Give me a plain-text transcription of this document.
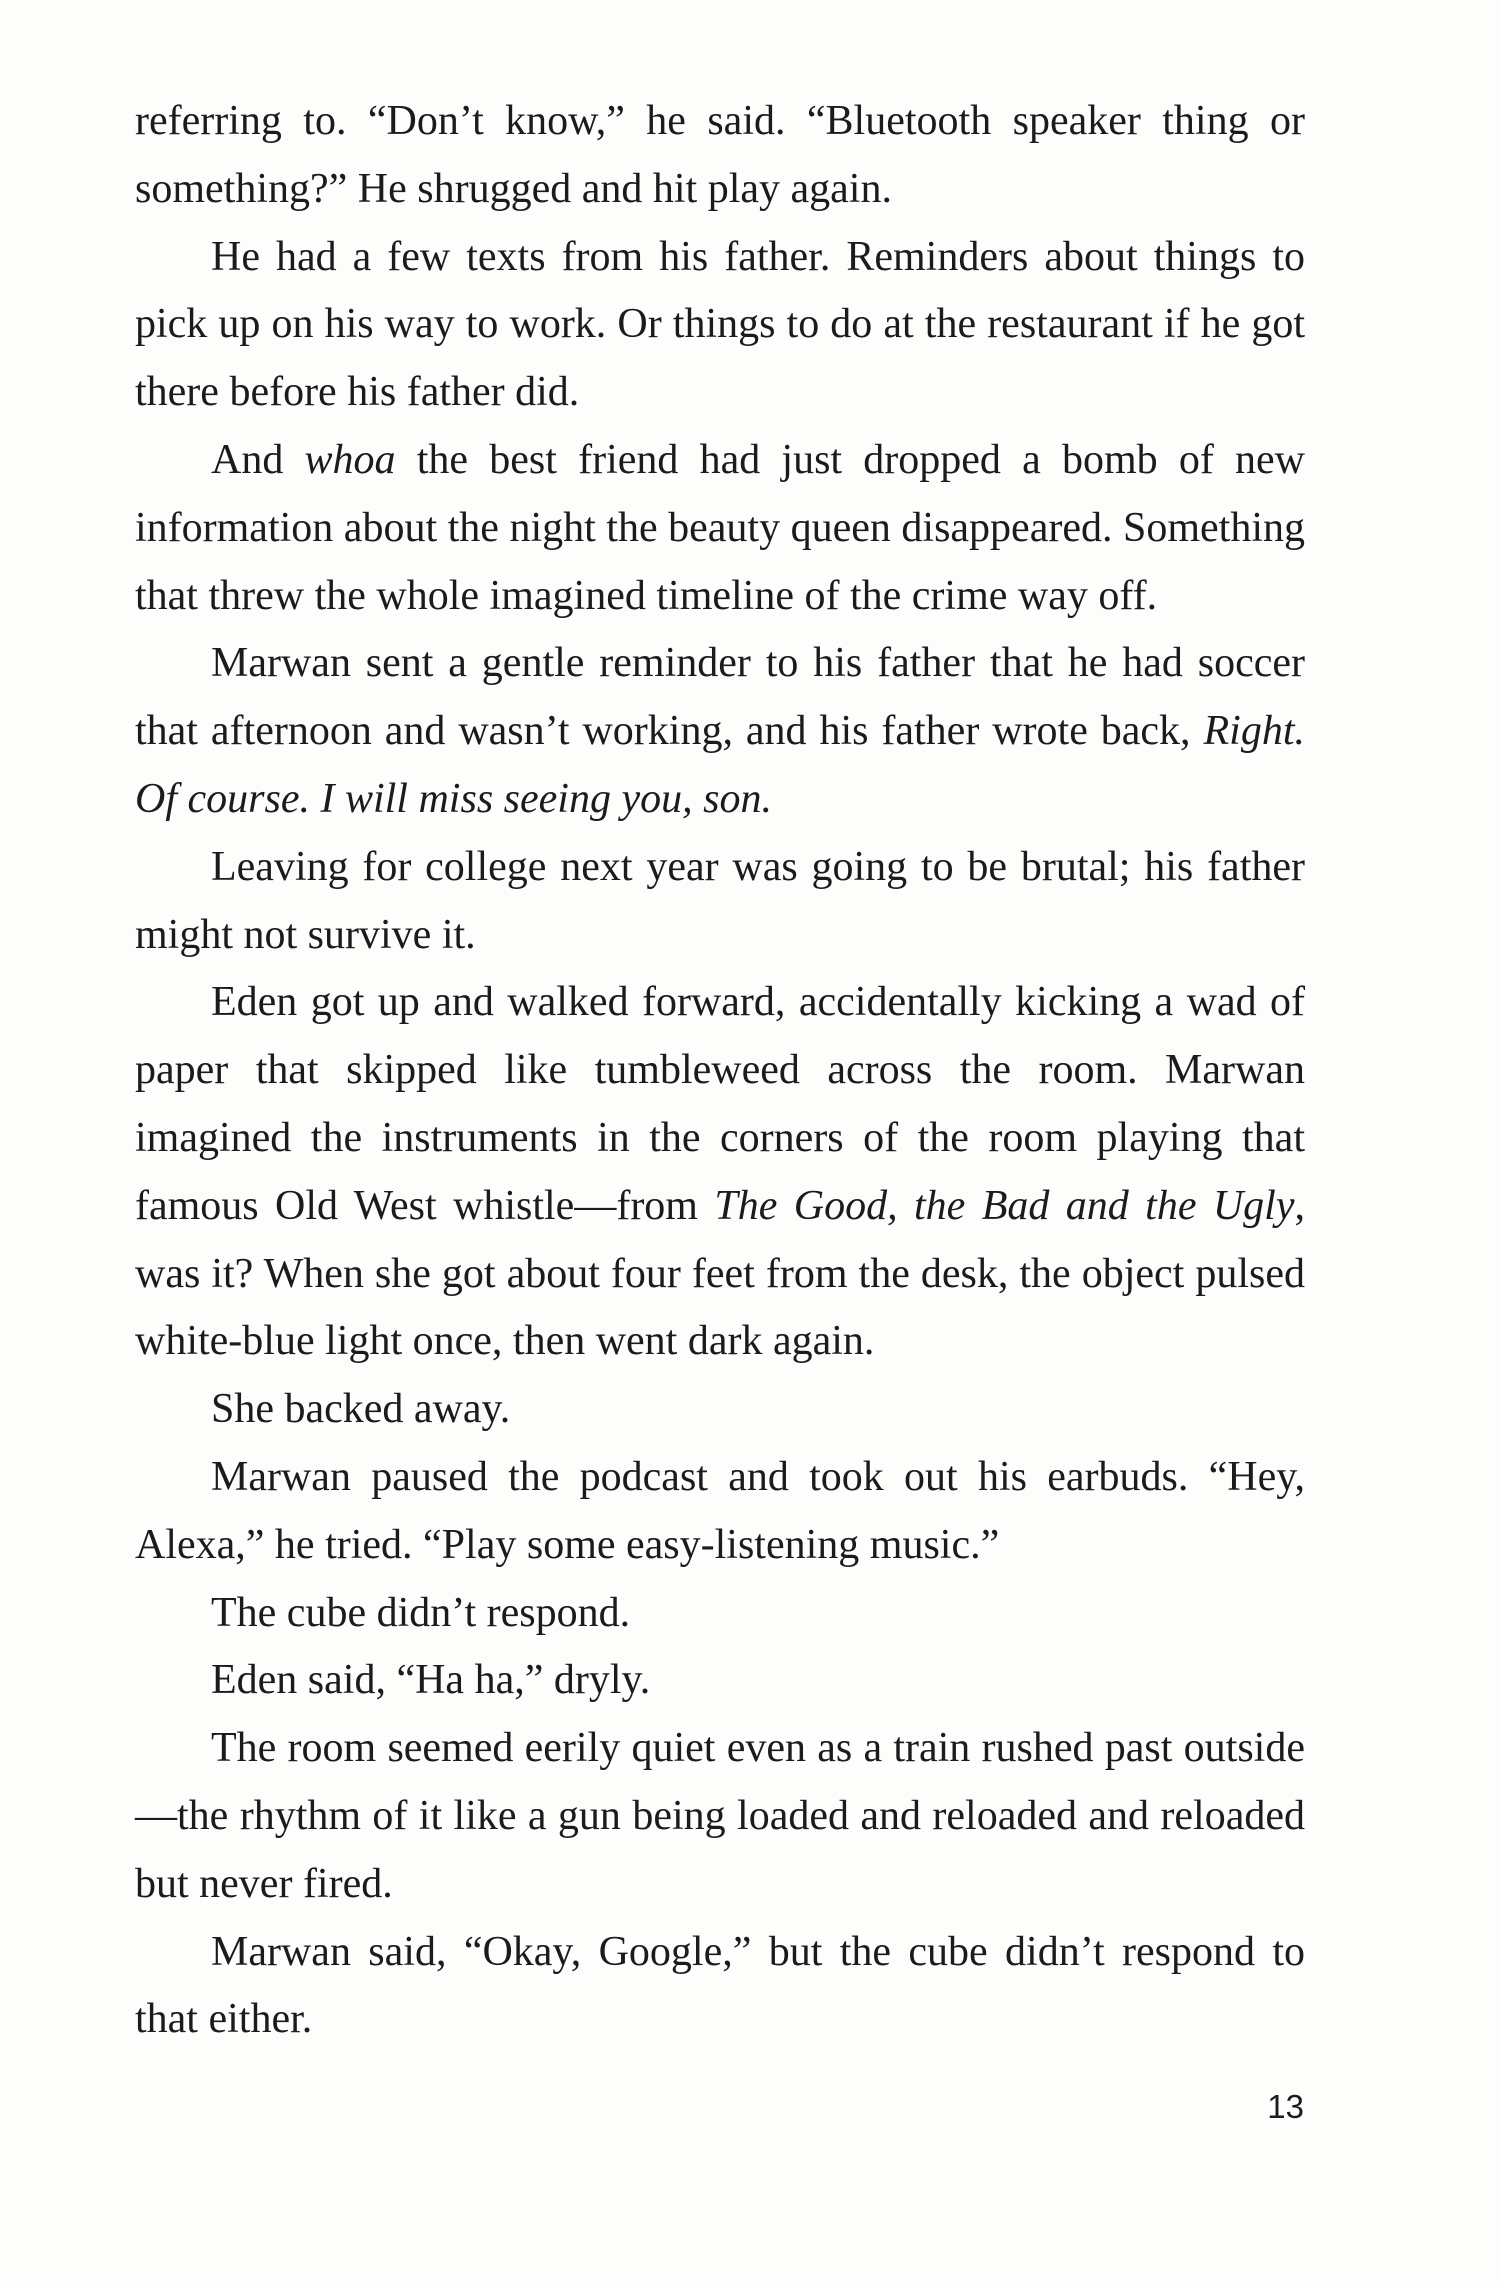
referring to. “Don’t know,” he said. “Bluetooth speaker thing or something?” He shrugged and hit play again.

He had a few texts from his father. Reminders about things to pick up on his way to work. Or things to do at the restaurant if he got there before his father did.

And whoa the best friend had just dropped a bomb of new information about the night the beauty queen disappeared. Something that threw the whole imagined timeline of the crime way off.

Marwan sent a gentle reminder to his father that he had soccer that afternoon and wasn’t working, and his father wrote back, Right. Of course. I will miss seeing you, son.

Leaving for college next year was going to be brutal; his father might not survive it.

Eden got up and walked forward, accidentally kicking a wad of paper that skipped like tumbleweed across the room. Marwan imagined the instruments in the corners of the room playing that famous Old West whistle—from The Good, the Bad and the Ugly, was it? When she got about four feet from the desk, the object pulsed white-blue light once, then went dark again.

She backed away.

Marwan paused the podcast and took out his earbuds. “Hey, Alexa,” he tried. “Play some easy-listening music.”

The cube didn’t respond.

Eden said, “Ha ha,” dryly.

The room seemed eerily quiet even as a train rushed past outside—the rhythm of it like a gun being loaded and reloaded and reloaded but never fired.

Marwan said, “Okay, Google,” but the cube didn’t respond to that either.

13
